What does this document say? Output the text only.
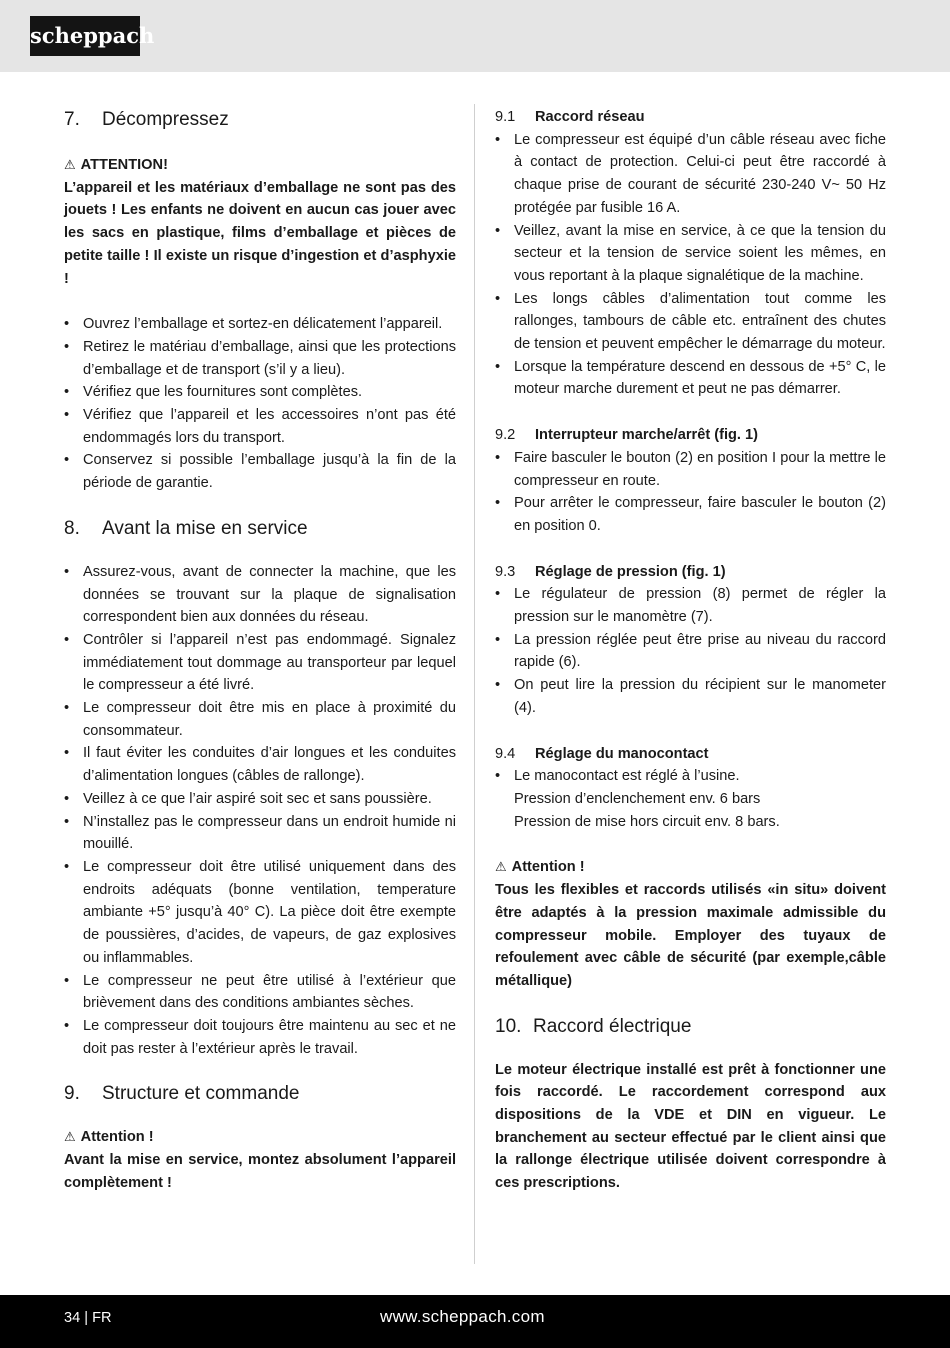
scheppach
7.	Décompressez
⚠ ATTENTION!
L’appareil et les matériaux d’emballage ne sont pas des jouets ! Les enfants ne doivent en aucun cas jouer avec les sacs en plastique, films d’emballage et pièces de petite taille ! Il existe un risque d’ingestion et d’asphyxie !
• Ouvrez l’emballage et sortez-en délicatement l’appareil.
• Retirez le matériau d’emballage, ainsi que les protections d’emballage et de transport (s’il y a lieu).
• Vérifiez que les fournitures sont complètes.
• Vérifiez que l’appareil et les accessoires n’ont pas été endommagés lors du transport.
• Conservez si possible l’emballage jusqu’à la fin de la période de garantie.
8.	Avant la mise en service
• Assurez-vous, avant de connecter la machine, que les données se trouvant sur la plaque de signalisation correspondent bien aux données du réseau.
• Contrôler si l’appareil n’est pas endommagé. Signalez immédiatement tout dommage au transporteur par lequel le compresseur a été livré.
• Le compresseur doit être mis en place à proximité du consommateur.
• Il faut éviter les conduites d’air longues et les conduites d’alimentation longues (câbles de rallonge).
• Veillez à ce que l’air aspiré soit sec et sans poussière.
• N’installez pas le compresseur dans un endroit humide ni mouillé.
• Le compresseur doit être utilisé uniquement dans des endroits adéquats (bonne ventilation, temperature ambiante +5° jusqu’à 40° C). La pièce doit être exempte de poussières, d’acides, de vapeurs, de gaz explosives ou inflammables.
• Le compresseur ne peut être utilisé à l’extérieur que brièvement dans des conditions ambiantes sèches.
• Le compresseur doit toujours être maintenu au sec et ne doit pas rester à l’extérieur après le travail.
9.	Structure et commande
⚠ Attention !
Avant la mise en service, montez absolument l’appareil complètement !
9.1	Raccord réseau
• Le compresseur est équipé d’un câble réseau avec fiche à contact de protection. Celui-ci peut être raccordé à chaque prise de courant de sécurité 230-240 V~ 50 Hz protégée par fusible 16 A.
• Veillez, avant la mise en service, à ce que la tension du secteur et la tension de service soient les mêmes, en vous reportant à la plaque signalétique de la machine.
• Les longs câbles d’alimentation tout comme les rallonges, tambours de câble etc. entraînent des chutes de tension et peuvent empêcher le démarrage du moteur.
• Lorsque la température descend en dessous de +5° C, le moteur marche durement et peut ne pas démarrer.
9.2	Interrupteur marche/arrêt (fig. 1)
• Faire basculer le bouton (2) en position I pour la mettre le compresseur en route.
• Pour arrêter le compresseur, faire basculer le bouton (2) en position 0.
9.3	Réglage de pression (fig. 1)
• Le régulateur de pression (8) permet de régler la pression sur le manomètre (7).
• La pression réglée peut être prise au niveau du raccord rapide (6).
• On peut lire la pression du récipient sur le manometer (4).
9.4	Réglage du manocontact
• Le manocontact est réglé à l’usine.
Pression d’enclenchement env. 6 bars
Pression de mise hors circuit env. 8 bars.
⚠ Attention !
Tous les flexibles et raccords utilisés «in situ» doivent être adaptés à la pression maximale admissible du compresseur mobile. Employer des tuyaux de refoulement avec câble de sécurité (par exemple,câble métallique)
10. Raccord électrique
Le moteur électrique installé est prêt à fonctionner une fois raccordé. Le raccordement correspond aux dispositions de la VDE et DIN en vigueur. Le branchement au secteur effectué par le client ainsi que la rallonge électrique utilisée doivent correspondre à ces prescriptions.
34 | FR	www.scheppach.com
